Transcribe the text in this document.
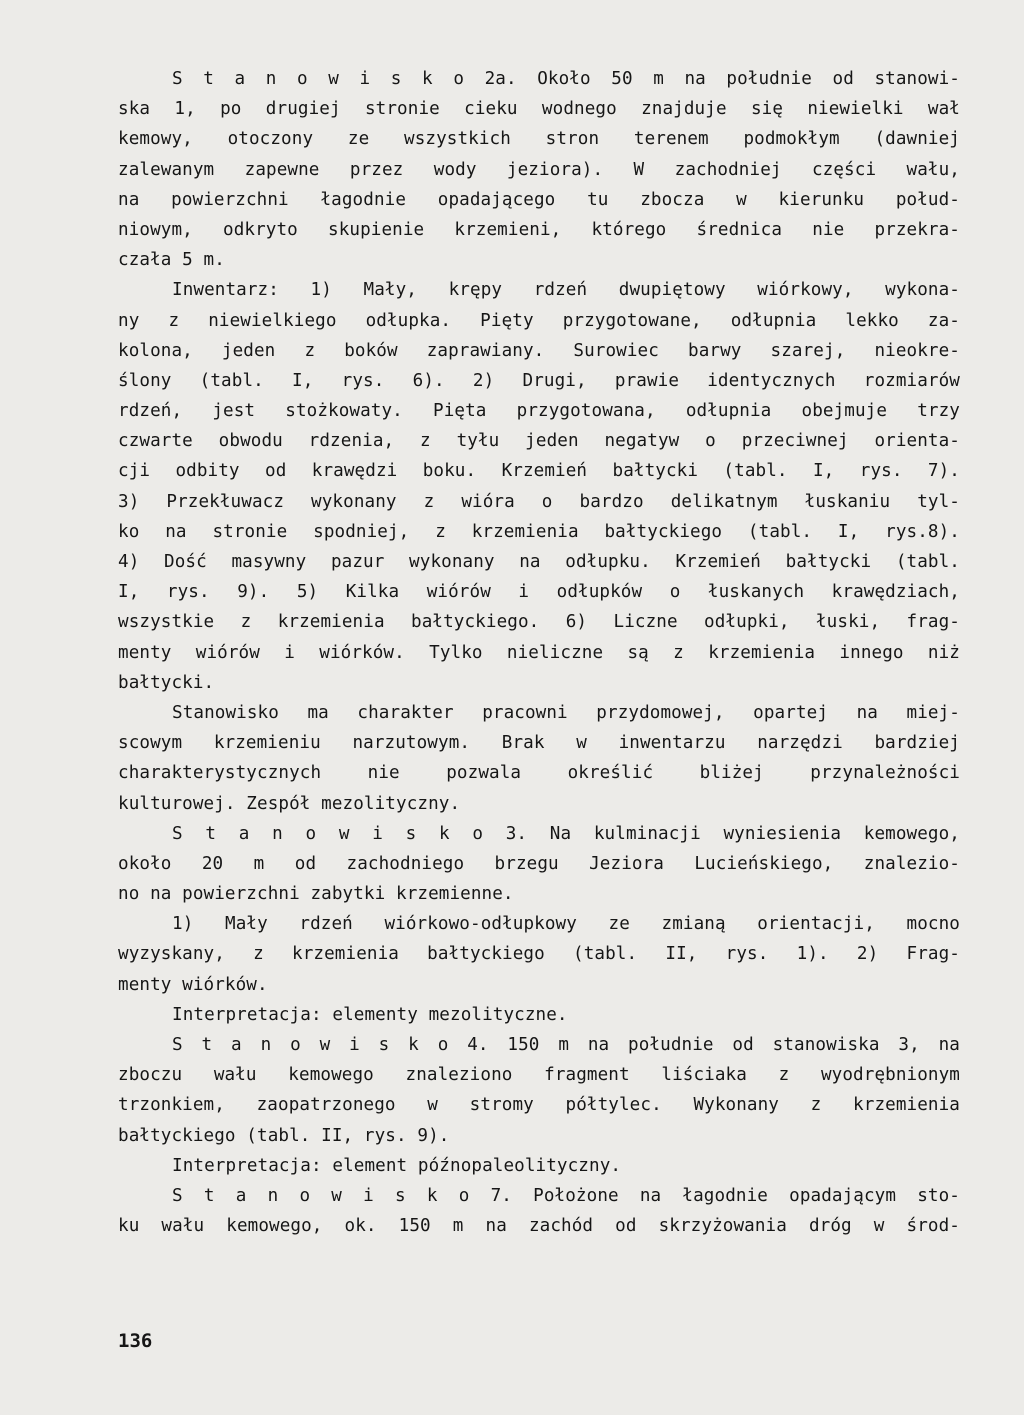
S t a n o w i s k o 2a. Około 50 m na południe od stanowi-
ska 1, po drugiej stronie cieku wodnego znajduje się niewielki wał
kemowy, otoczony ze wszystkich stron terenem podmokłym (dawniej
zalewanym zapewne przez wody jeziora). W zachodniej części wału,
na powierzchni łagodnie opadającego tu zbocza w kierunku połud-
niowym, odkryto skupienie krzemieni, którego średnica nie przekra-
czała 5 m.
Inwentarz: 1) Mały, krępy rdzeń dwupiętowy wiórkowy, wykona-
ny z niewielkiego odłupka. Pięty przygotowane, odłupnia lekko za-
kolona, jeden z boków zaprawiany. Surowiec barwy szarej, nieokre-
ślony (tabl. I, rys. 6). 2) Drugi, prawie identycznych rozmiarów
rdzeń, jest stożkowaty. Pięta przygotowana, odłupnia obejmuje trzy
czwarte obwodu rdzenia, z tyłu jeden negatyw o przeciwnej orienta-
cji odbity od krawędzi boku. Krzemień bałtycki (tabl. I, rys. 7).
3) Przekłuwacz wykonany z wióra o bardzo delikatnym łuskaniu tyl-
ko na stronie spodniej, z krzemienia bałtyckiego (tabl. I, rys.8).
4) Dość masywny pazur wykonany na odłupku. Krzemień bałtycki (tabl.
I, rys. 9). 5) Kilka wiórów i odłupków o łuskanych krawędziach,
wszystkie z krzemienia bałtyckiego. 6) Liczne odłupki, łuski, frag-
menty wiórów i wiórków. Tylko nieliczne są z krzemienia innego niż
bałtycki.
Stanowisko ma charakter pracowni przydomowej, opartej na miej-
scowym krzemieniu narzutowym. Brak w inwentarzu narzędzi bardziej
charakterystycznych nie pozwala określić bliżej przynależności
kulturowej. Zespół mezolityczny.
S t a n o w i s k o 3. Na kulminacji wyniesienia kemowego,
około 20 m od zachodniego brzegu Jeziora Lucieńskiego, znalezio-
no na powierzchni zabytki krzemienne.
1) Mały rdzeń wiórkowo-odłupkowy ze zmianą orientacji, mocno
wyzyskany, z krzemienia bałtyckiego (tabl. II, rys. 1). 2) Frag-
menty wiórków.
Interpretacja: elementy mezolityczne.
S t a n o w i s k o 4. 150 m na południe od stanowiska 3, na
zboczu wału kemowego znaleziono fragment liściaka z wyodrębnionym
trzonkiem, zaopatrzonego w stromy półtylec. Wykonany z krzemienia
bałtyckiego (tabl. II, rys. 9).
Interpretacja: element późnopaleolityczny.
S t a n o w i s k o 7. Położone na łagodnie opadającym sto-
ku wału kemowego, ok. 150 m na zachód od skrzyżowania dróg w środ-
136
